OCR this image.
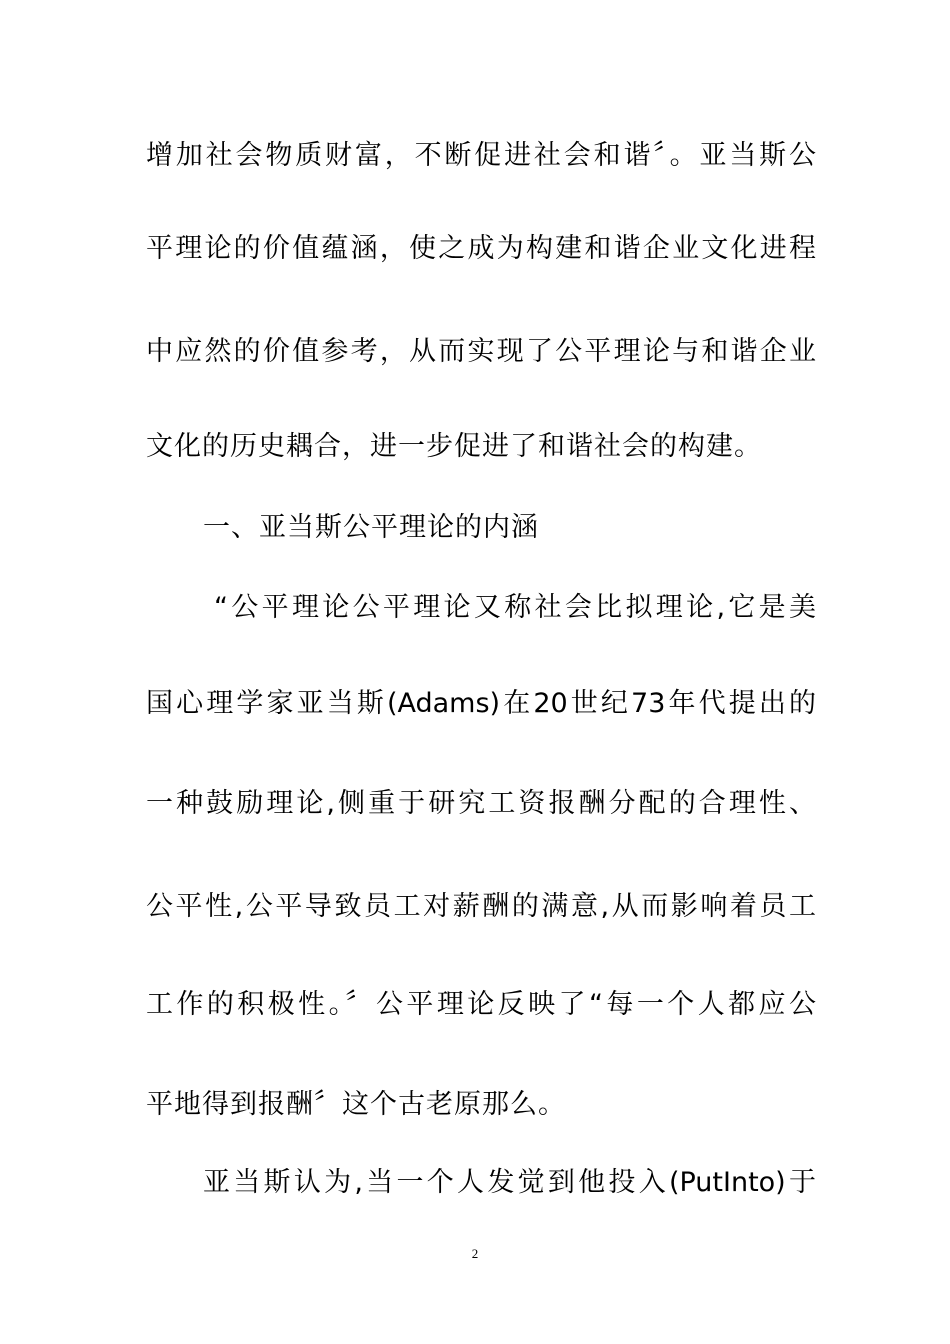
增加社会物质财富，不断促进社会和谐〞。亚当斯公
平理论的价值蕴涵，使之成为构建和谐企业文化进程
中应然的价值参考，从而实现了公平理论与和谐企业
文化的历史耦合，进一步促进了和谐社会的构建。
一、亚当斯公平理论的内涵
“公平理论公平理论又称社会比拟理论,它是美
国心理学家亚当斯(Adams)在20世纪73年代提出的
一种鼓励理论,侧重于研究工资报酬分配的合理性、
公平性,公平导致员工对薪酬的满意,从而影响着员工
工作的积极性。〞公平理论反映了“每一个人都应公
平地得到报酬〞这个古老原那么。
亚当斯认为,当一个人发觉到他投入(PutInto)于
2
